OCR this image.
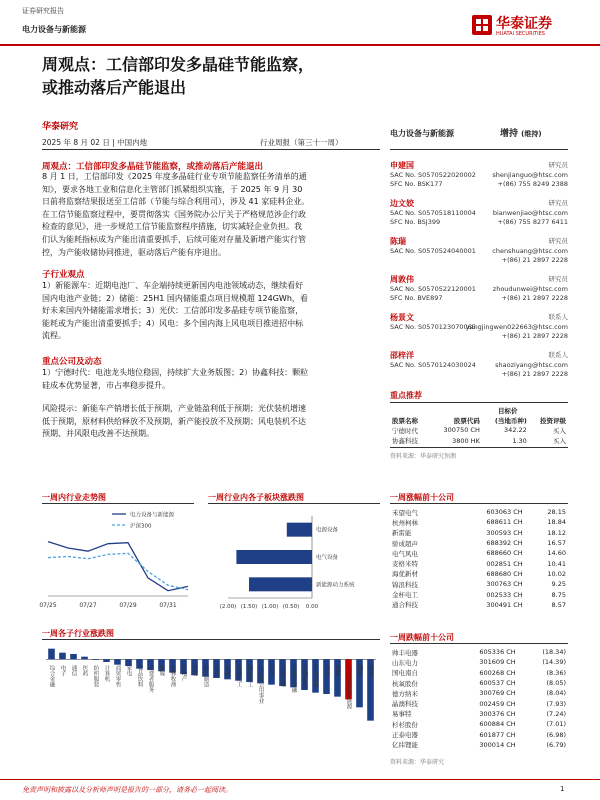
证券研究报告
电力设备与新能源	华泰证券
HUATAI SECURITIES
周观点：工信部印发多晶硅节能监察，
或推动落后产能退出
华泰研究
2025 年 8 月 02 日 | 中国内地	行业周报（第三十一周）
周观点：工信部印发多晶硅节能监察，或推动落后产能退出
8 月 1 日，工信部印发《2025 年度多晶硅行业专项节能监察任务清单的通
知》，要求各地工业和信息化主管部门抓紧组织实施，于 2025 年 9 月 30
日前将监察结果报送至工信部（节能与综合利用司），涉及 41 家硅料企业。
在工信节能监察过程中，要贯彻落实《国务院办公厅关于严格规范涉企行政
检查的意见》，进一步规范工信节能监察程序措施，切实减轻企业负担。我
们认为能耗指标成为产能出清重要抓手，后续可能对存量及新增产能实行管
控，为产能收储协同推进，驱动落后产能有序退出。
子行业观点
1）新能源车：近期电池厂、车企端持续更新国内电池领域动态，继续看好
国内电池产业链；2）储能：25H1 国内储能重点项目规模超 124GWh，看
好未来国内外储能需求增长；3）光伏：工信部印发多晶硅专项节能监察，
能耗或为产能出清重要抓手；4）风电：多个国内海上风电项目推进招中标
流程。
重点公司及动态
1）宁德时代：电池龙头地位稳固，持续扩大业务版图；2）协鑫科技：颗粒
硅成本优势显著，市占率稳步提升。
风险提示：新能车产销增长低于预期，产业链盈利低于预期；光伏装机增速
低于预期，原材料供给释放不及预期，新产能投放不及预期；风电装机不达
预期、并风限电改善不达预期。
电力设备与新能源	增持 (维持)
申建国	研究员
SAC No. S0570522020002	shenjianguo@htsc.com
SFC No. BSK177	+(86) 755 8249 2388
边文姣	研究员
SAC No. S0570518110004	bianwenjiao@htsc.com
SFC No. BSJ399	+(86) 755 8277 6411
陈瑞	研究员
SAC No. S0570524040001	chenshuang@htsc.com
+(86) 21 2897 2228
周敦伟	研究员
SAC No. S0570522120001	zhoudunwei@htsc.com
SFC No. BVE897	+(86) 21 2897 2228
杨景文	联系人
SAC No. S0570123070065
yangjingwen022663@htsc.com
+(86) 21 2897 2228
邵梓洋	联系人
SAC No. S0570124030024	shaoziyang@htsc.com
+(86) 21 2897 2228
重点推荐
目标价
股票名称	股票代码	(当地币种)	投资评级
宁德时代	300750 CH	342.22	买入
协鑫科技	3800 HK	1.30	买入
资料来源：华泰研究预测
一周内行业走势图
电力设备与新能源
沪深300
07/25	07/27	07/29	07/31
一周行业内各子板块涨跌图
电源设备
电气设备
新能源动力系统
(2.00) (1.50) (1.00) (0.50) 0.00
一周各子行业涨跌图
综合金融 电子 通信 医药 纺织服装 计算机 商贸零售 家电 食品饮料 消费者服务 传媒 农林牧渔 房地产 建材 轻工制造 银行 机械 基础化工 国防军工 电力及公用事业 汽车 交通运输 非银行金融 石油石化 有色金属 综合 建筑 电力设备及新能源 钢铁 煤炭
一周涨幅前十公司
禾望电气	603063 CH	28.15
杭州柯林	688611 CH	18.84
新雷能	300593 CH	18.12
骄成超声	688392 CH	16.57
电气风电	688660 CH	14.60
麦格米特	002851 CH	10.41
海优新材	688680 CH	10.02
锦浪科技	300763 CH	9.25
金杯电工	002533 CH	8.75
通合科技	300491 CH	8.57
一周跌幅前十公司
帅丰电器	605336 CH	(18.34)
山东电力	301609 CH	(14.39)
国电南自	600268 CH	(8.36)
杭氧股份	600537 CH	(8.05)
德方纳米	300769 CH	(8.04)
晶澳科技	002459 CH	(7.93)
易事特	300376 CH	(7.24)
杉杉股份	600884 CH	(7.01)
正泰电器	601877 CH	(6.98)
亿纬锂能	300014 CH	(6.79)
资料来源：华泰研究
免责声明和披露以及分析师声明是报告的一部分，请务必一起阅读。	1
